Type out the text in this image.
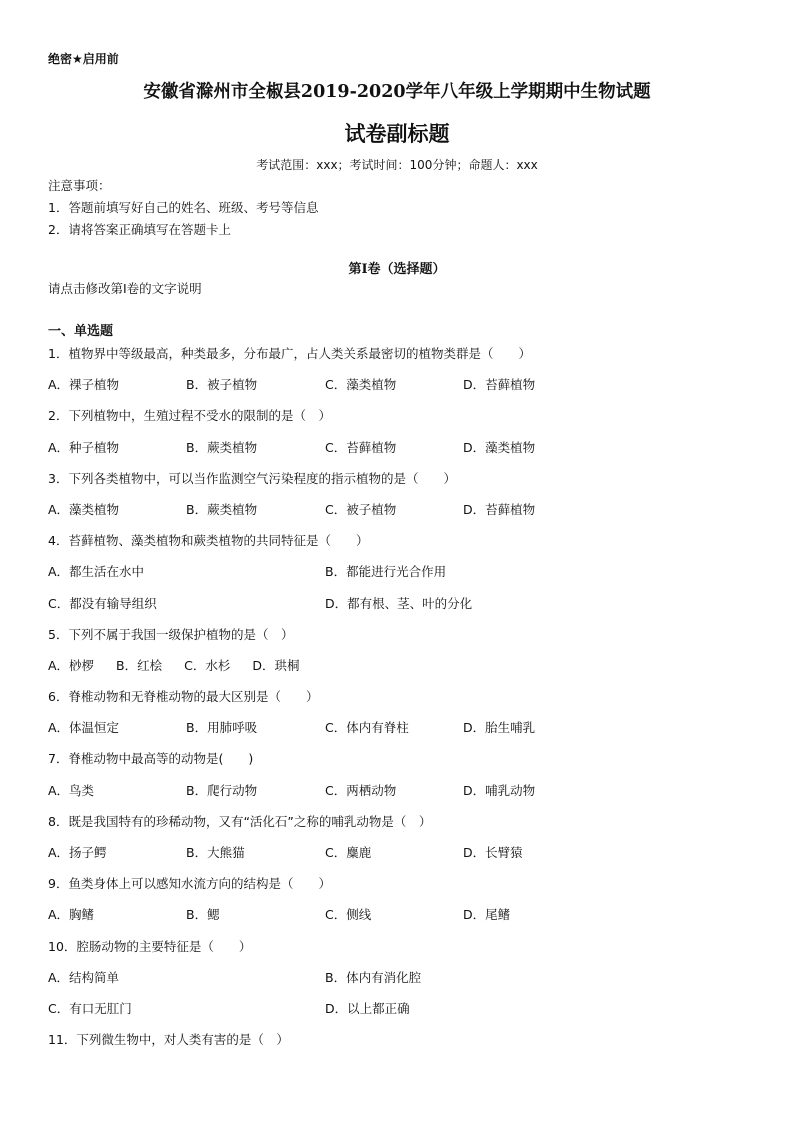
绝密★启用前
安徽省滁州市全椒县2019-2020学年八年级上学期期中生物试题
试卷副标题
考试范围：xxx；考试时间：100分钟；命题人：xxx
注意事项：
1．答题前填写好自己的姓名、班级、考号等信息
2．请将答案正确填写在答题卡上
第I卷（选择题）
请点击修改第I卷的文字说明
一、单选题
1．植物界中等级最高，种类最多，分布最广，占人类关系最密切的植物类群是（　　）
A．裸子植物	B．被子植物	C．藻类植物	D．苔藓植物
2．下列植物中，生殖过程不受水的限制的是（　）
A．种子植物	B．蕨类植物	C．苔藓植物	D．藻类植物
3．下列各类植物中，可以当作监测空气污染程度的指示植物的是（　　）
A．藻类植物	B．蕨类植物	C．被子植物	D．苔藓植物
4．苔藓植物、藻类植物和蕨类植物的共同特征是（　　）
A．都生活在水中	B．都能进行光合作用
C．都没有输导组织	D．都有根、茎、叶的分化
5．下列不属于我国一级保护植物的是（　）
A．桫椤 B．红桧 C．水杉 D．珙桐
6．脊椎动物和无脊椎动物的最大区别是（　　）
A．体温恒定	B．用肺呼吸	C．体内有脊柱	D．胎生哺乳
7．脊椎动物中最高等的动物是(　　)
A．鸟类	B．爬行动物	C．两栖动物	D．哺乳动物
8．既是我国特有的珍稀动物，又有“活化石”之称的哺乳动物是（　）
A．扬子鳄	B．大熊猫	C．麋鹿	D．长臂猿
9．鱼类身体上可以感知水流方向的结构是（　　）
A．胸鳍	B．鳃	C．侧线	D．尾鳍
10．腔肠动物的主要特征是（　　）
A．结构简单	B．体内有消化腔
C．有口无肛门	D．以上都正确
11．下列微生物中，对人类有害的是（　）
